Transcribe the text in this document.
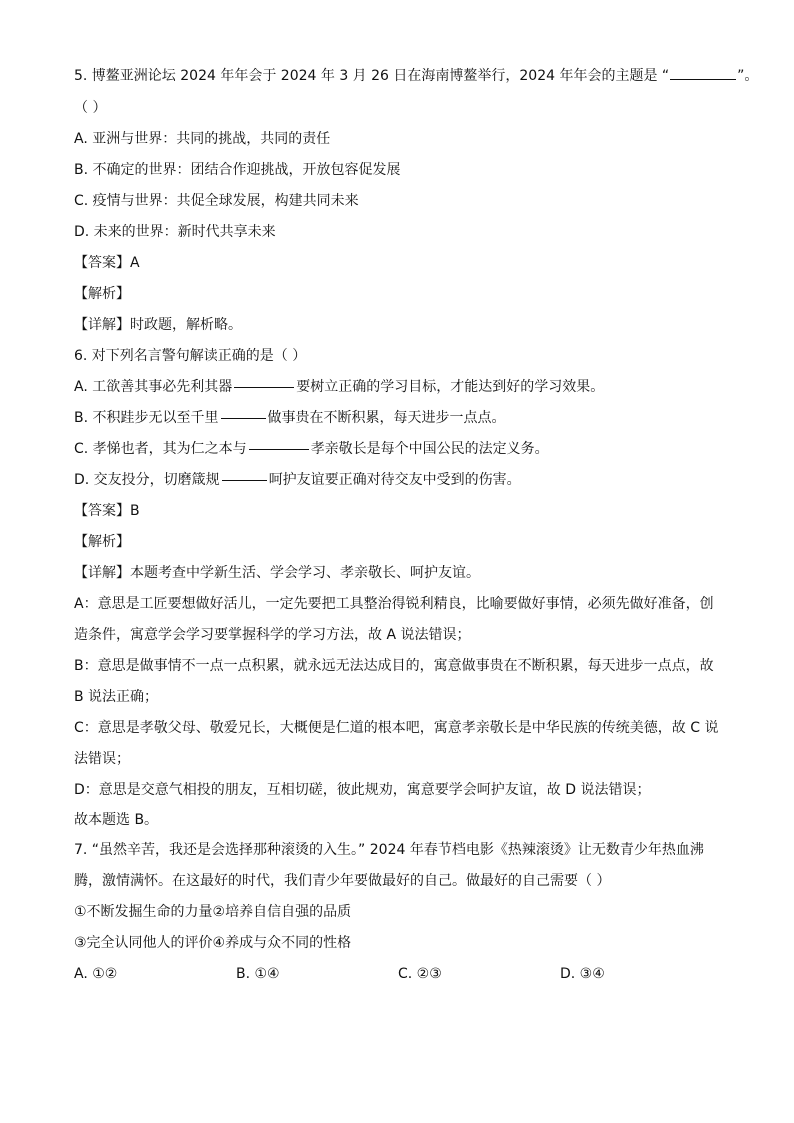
5. 博鳌亚洲论坛 2024 年年会于 2024 年 3 月 26 日在海南博鳌举行，2024 年年会的主题是 “	”。
（ ）
A. 亚洲与世界：共同的挑战，共同的责任
B. 不确定的世界：团结合作迎挑战，开放包容促发展
C. 疫情与世界：共促全球发展，构建共同未来
D. 未来的世界：新时代共享未来
【答案】A
【解析】
【详解】时政题，解析略。
6. 对下列名言警句解读正确的是（ ）
A. 工欲善其事必先利其器	要树立正确的学习目标，才能达到好的学习效果。
B. 不积跬步无以至千里	做事贵在不断积累，每天进步一点点。
C. 孝悌也者，其为仁之本与	孝亲敬长是每个中国公民的法定义务。
D. 交友投分，切磨箴规	呵护友谊要正确对待交友中受到的伤害。
【答案】B
【解析】
【详解】本题考查中学新生活、学会学习、孝亲敬长、呵护友谊。
A：意思是工匠要想做好活儿，一定先要把工具整治得锐利精良，比喻要做好事情，必须先做好准备，创
造条件，寓意学会学习要掌握科学的学习方法，故 A 说法错误；
B：意思是做事情不一点一点积累，就永远无法达成目的，寓意做事贵在不断积累，每天进步一点点，故
B 说法正确；
C：意思是孝敬父母、敬爱兄长，大概便是仁道的根本吧，寓意孝亲敬长是中华民族的传统美德，故 C 说
法错误；
D：意思是交意气相投的朋友，互相切磋，彼此规劝，寓意要学会呵护友谊，故 D 说法错误；
故本题选 B。
7. “虽然辛苦，我还是会选择那种滚烫的入生。” 2024 年春节档电影《热辣滚烫》让无数青少年热血沸
腾，激情满怀。在这最好的时代，我们青少年要做最好的自己。做最好的自己需要（ ）
①不断发掘生命的力量②培养自信自强的品质
③完全认同他人的评价④养成与众不同的性格
A. ①②	B. ①④	C. ②③	D. ③④
